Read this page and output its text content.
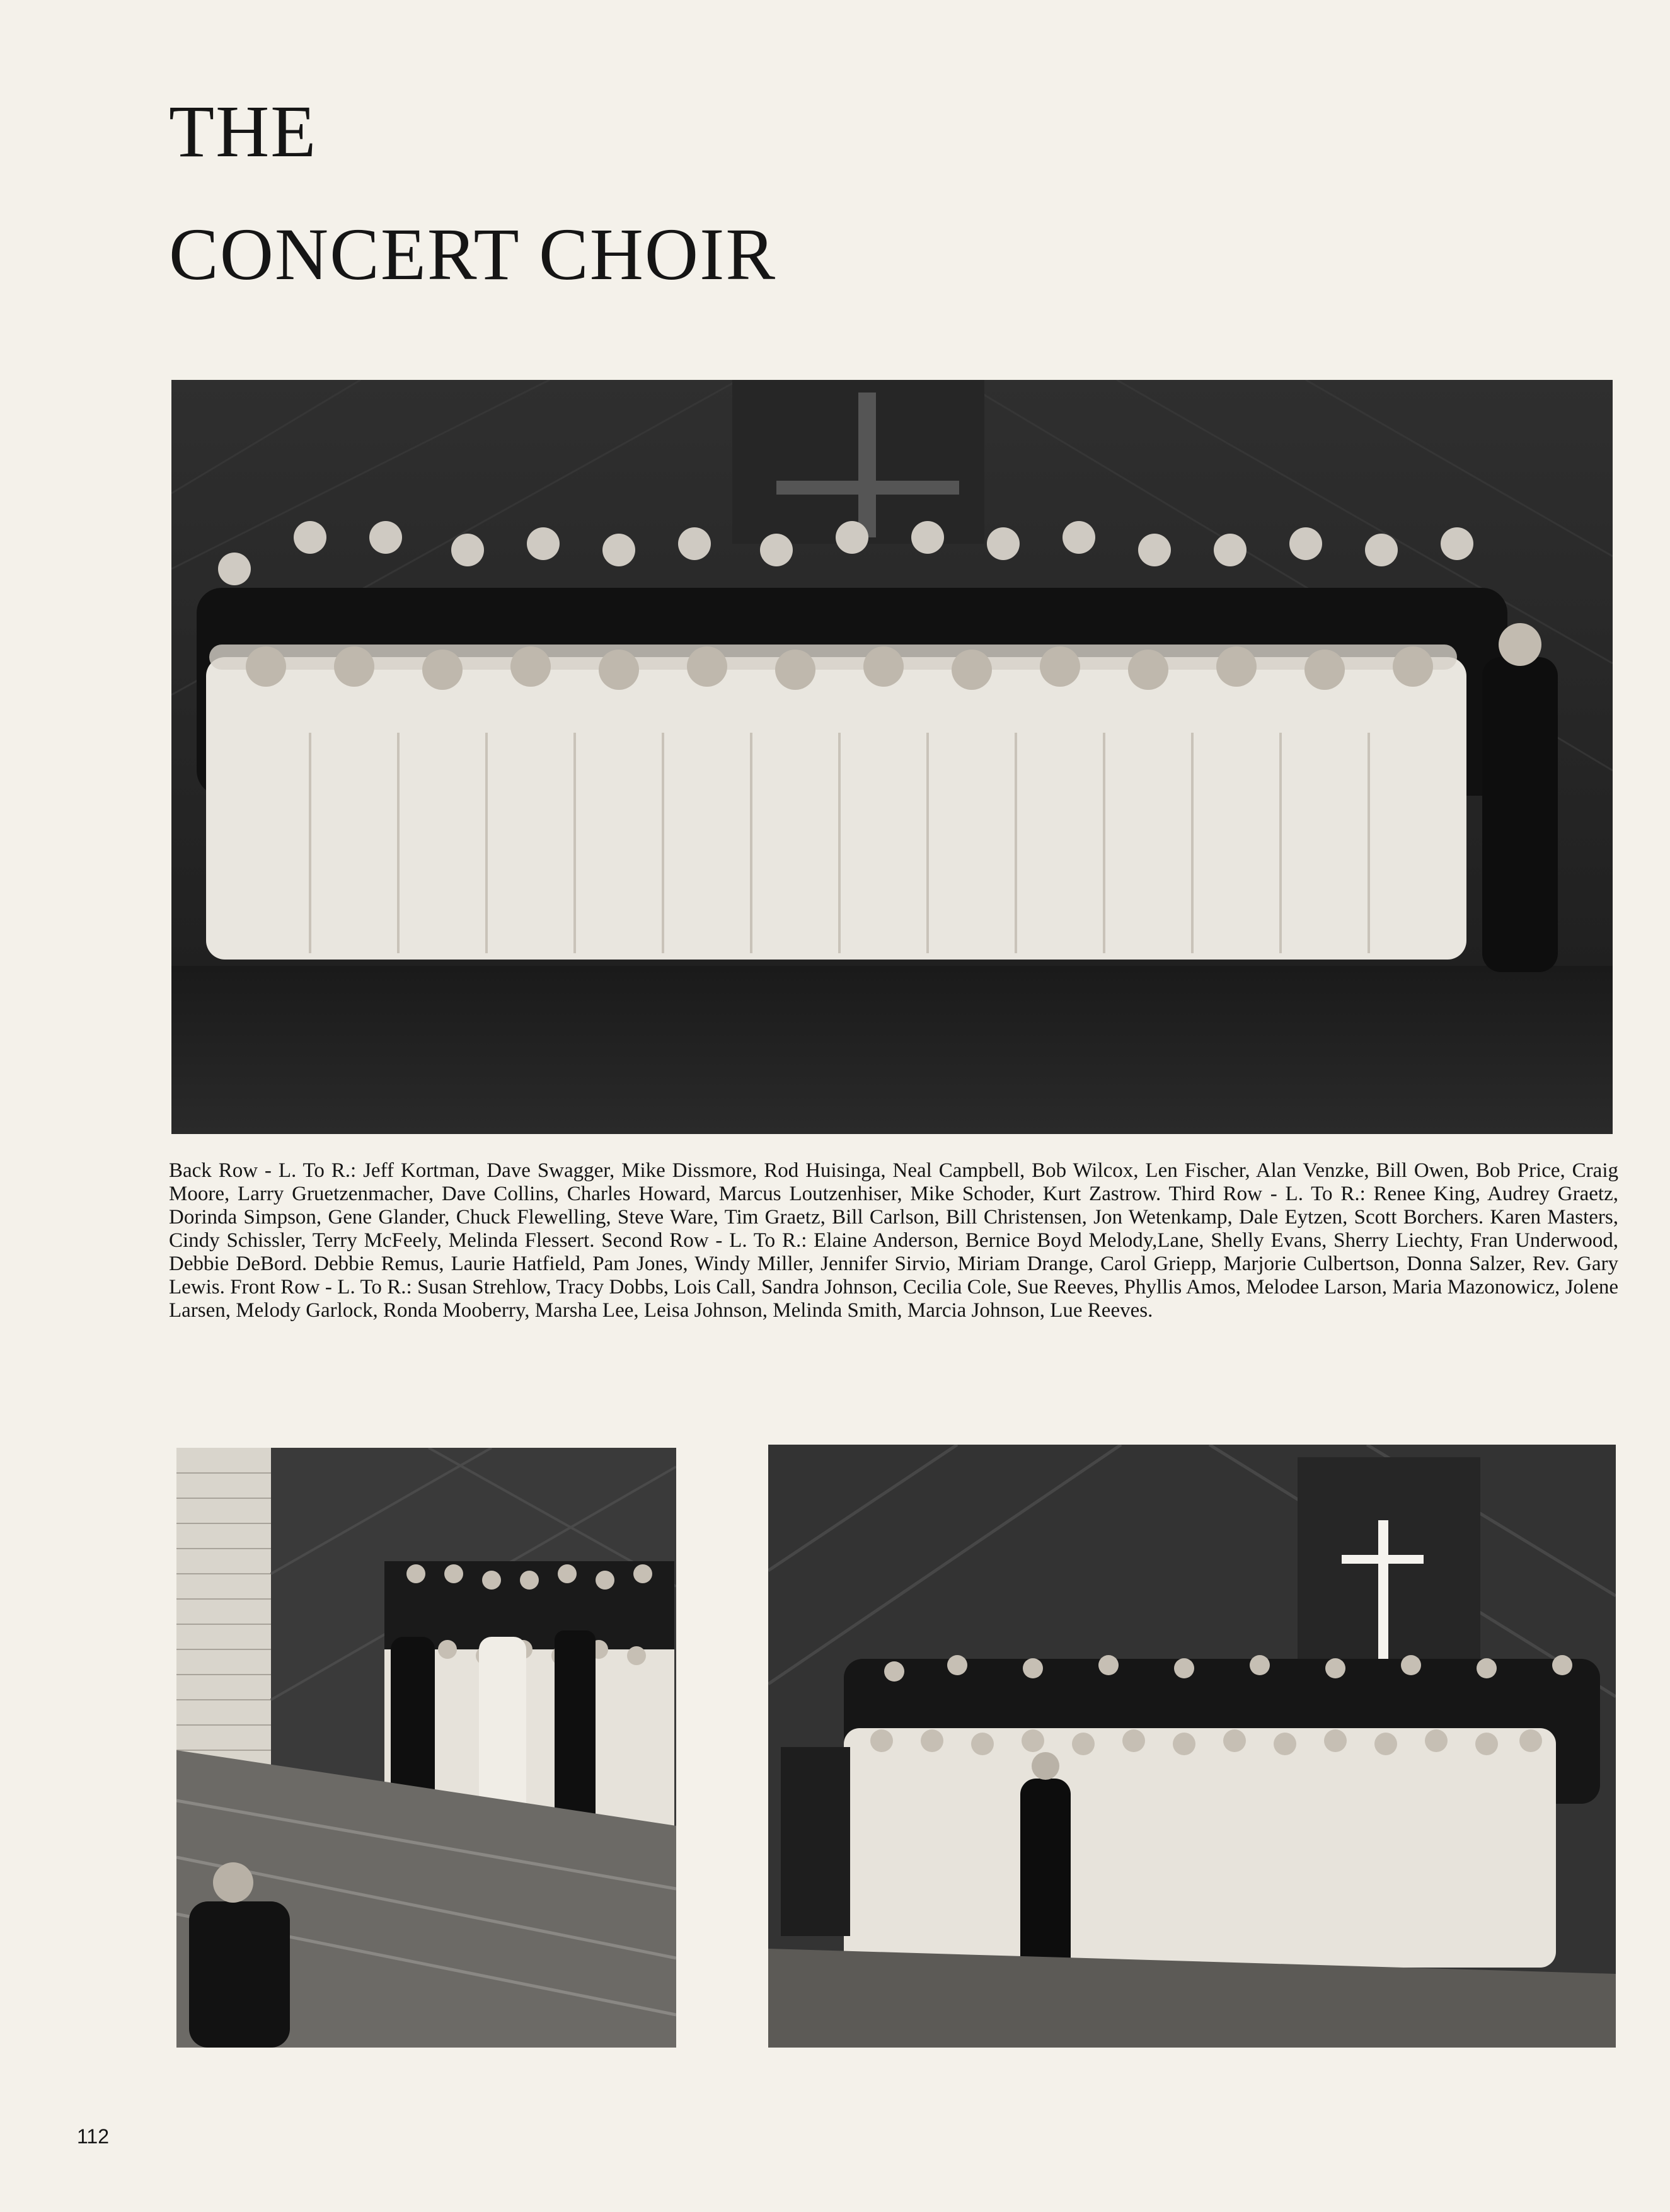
THE
CONCERT CHOIR

Back Row - L. To R.: Jeff Kortman, Dave Swagger, Mike Dissmore, Rod Huisinga, Neal Campbell, Bob Wilcox, Len Fischer, Alan Venzke, Bill Owen, Bob Price, Craig Moore, Larry Gruetzenmacher, Dave Collins, Charles Howard, Marcus Loutzenhiser, Mike Schoder, Kurt Zastrow. Third Row - L. To R.: Renee King, Audrey Graetz, Dorinda Simpson, Gene Glander, Chuck Flewelling, Steve Ware, Tim Graetz, Bill Carlson, Bill Christensen, Jon Wetenkamp, Dale Eytzen, Scott Borchers. Karen Masters, Cindy Schissler, Terry McFeely, Melinda Flessert. Second Row - L. To R.: Elaine Anderson, Bernice Boyd Melody,Lane, Shelly Evans, Sherry Liechty, Fran Underwood, Debbie DeBord. Debbie Remus, Laurie Hatfield, Pam Jones, Windy Miller, Jennifer Sirvio, Miriam Drange, Carol Griepp, Marjorie Culbertson, Donna Salzer, Rev. Gary Lewis. Front Row - L. To R.: Susan Strehlow, Tracy Dobbs, Lois Call, Sandra Johnson, Cecilia Cole, Sue Reeves, Phyllis Amos, Melodee Larson, Maria Mazonowicz, Jolene Larsen, Melody Garlock, Ronda Mooberry, Marsha Lee, Leisa Johnson, Melinda Smith, Marcia Johnson, Lue Reeves.

112
